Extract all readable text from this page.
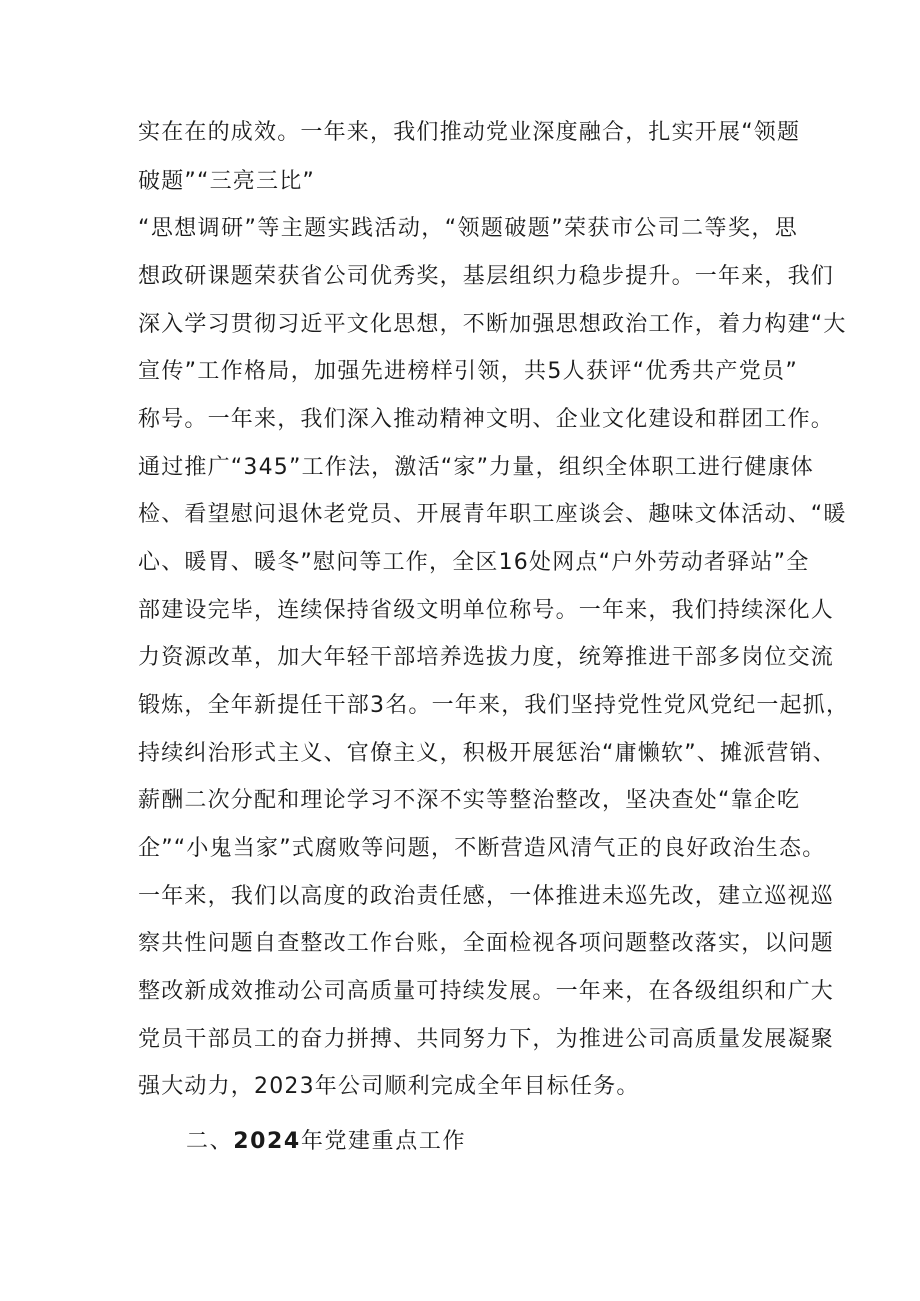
实在在的成效。一年来，我们推动党业深度融合，扎实开展“领题
破题”“三亮三比”
“思想调研”等主题实践活动，“领题破题”荣获市公司二等奖，思
想政研课题荣获省公司优秀奖，基层组织力稳步提升。一年来，我们
深入学习贯彻习近平文化思想，不断加强思想政治工作，着力构建“大
宣传”工作格局，加强先进榜样引领，共5人获评“优秀共产党员”
称号。一年来，我们深入推动精神文明、企业文化建设和群团工作。
通过推广“345”工作法，激活“家”力量，组织全体职工进行健康体
检、看望慰问退休老党员、开展青年职工座谈会、趣味文体活动、“暖
心、暖胃、暖冬”慰问等工作，全区16处网点“户外劳动者驿站”全
部建设完毕，连续保持省级文明单位称号。一年来，我们持续深化人
力资源改革，加大年轻干部培养选拔力度，统筹推进干部多岗位交流
锻炼，全年新提任干部3名。一年来，我们坚持党性党风党纪一起抓，
持续纠治形式主义、官僚主义，积极开展惩治“庸懒软”、摊派营销、
薪酬二次分配和理论学习不深不实等整治整改，坚决查处“靠企吃
企”“小鬼当家”式腐败等问题，不断营造风清气正的良好政治生态。
一年来，我们以高度的政治责任感，一体推进未巡先改，建立巡视巡
察共性问题自查整改工作台账，全面检视各项问题整改落实，以问题
整改新成效推动公司高质量可持续发展。一年来，在各级组织和广大
党员干部员工的奋力拼搏、共同努力下，为推进公司高质量发展凝聚
强大动力，2023年公司顺利完成全年目标任务。
二、2024年党建重点工作
